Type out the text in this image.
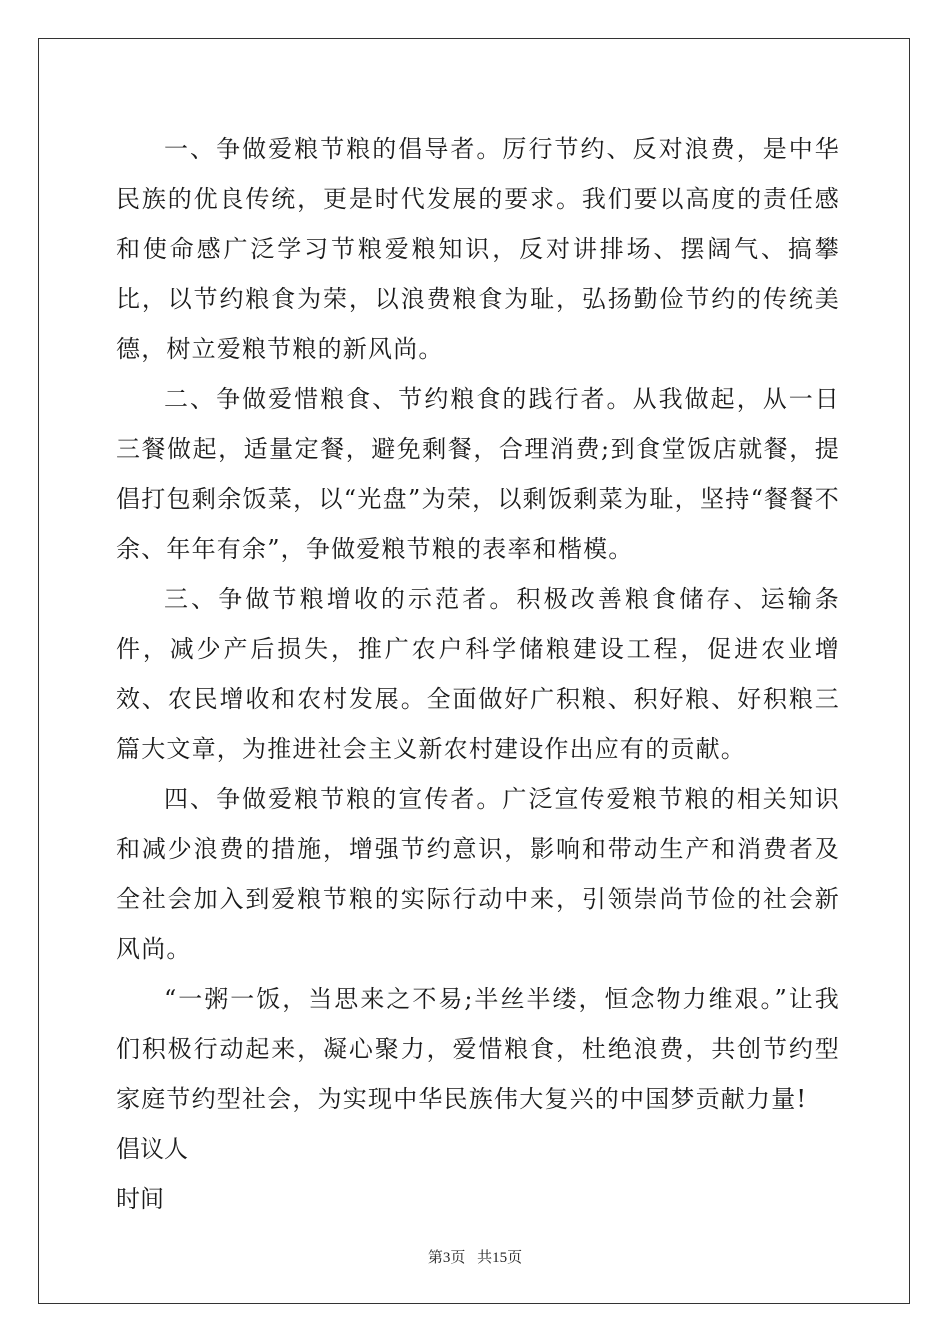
一、争做爱粮节粮的倡导者。厉行节约、反对浪费，是中华民族的优良传统，更是时代发展的要求。我们要以高度的责任感和使命感广泛学习节粮爱粮知识，反对讲排场、摆阔气、搞攀比，以节约粮食为荣，以浪费粮食为耻，弘扬勤俭节约的传统美德，树立爱粮节粮的新风尚。

二、争做爱惜粮食、节约粮食的践行者。从我做起，从一日三餐做起，适量定餐，避免剩餐，合理消费;到食堂饭店就餐，提倡打包剩余饭菜，以“光盘”为荣，以剩饭剩菜为耻，坚持“餐餐不余、年年有余”，争做爱粮节粮的表率和楷模。

三、争做节粮增收的示范者。积极改善粮食储存、运输条件，减少产后损失，推广农户科学储粮建设工程，促进农业增效、农民增收和农村发展。全面做好广积粮、积好粮、好积粮三篇大文章，为推进社会主义新农村建设作出应有的贡献。

四、争做爱粮节粮的宣传者。广泛宣传爱粮节粮的相关知识和减少浪费的措施，增强节约意识，影响和带动生产和消费者及全社会加入到爱粮节粮的实际行动中来，引领崇尚节俭的社会新风尚。

“一粥一饭，当思来之不易;半丝半缕，恒念物力维艰。”让我们积极行动起来，凝心聚力，爱惜粮食，杜绝浪费，共创节约型家庭节约型社会，为实现中华民族伟大复兴的中国梦贡献力量!

倡议人

时间

第3页 共15页
